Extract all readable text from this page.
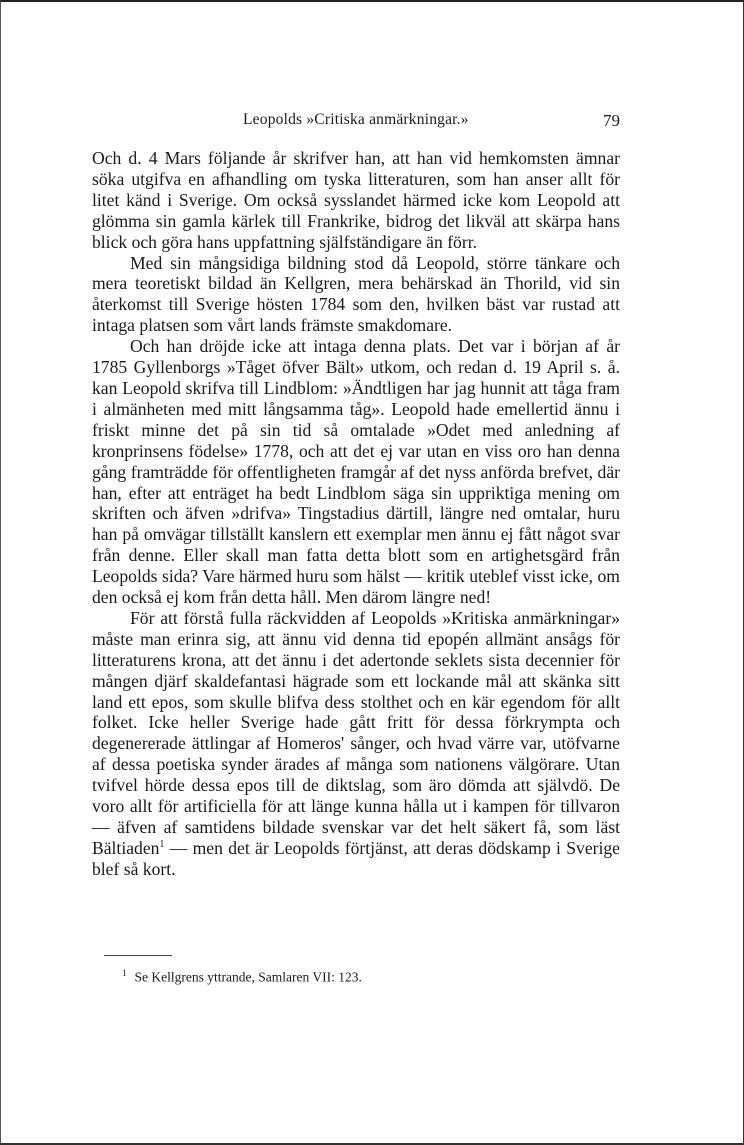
Leopolds »Critiska anmärkningar.»	79

Och d. 4 Mars följande år skrifver han, att han vid hemkomsten ämnar söka utgifva en afhandling om tyska litteraturen, som han anser allt för litet känd i Sverige. Om också sysslandet härmed icke kom Leopold att glömma sin gamla kärlek till Frankrike, bidrog det likväl att skärpa hans blick och göra hans uppfattning själfständigare än förr.

Med sin mångsidiga bildning stod då Leopold, större tänkare och mera teoretiskt bildad än Kellgren, mera behärskad än Thorild, vid sin återkomst till Sverige hösten 1784 som den, hvilken bäst var rustad att intaga platsen som vårt lands främste smakdomare.

Och han dröjde icke att intaga denna plats. Det var i början af år 1785 Gyllenborgs »Tåget öfver Bält» utkom, och redan d. 19 April s. å. kan Leopold skrifva till Lindblom: »Ändtligen har jag hunnit att tåga fram i almänheten med mitt långsamma tåg». Leopold hade emellertid ännu i friskt minne det på sin tid så omtalade »Odet med anledning af kronprinsens födelse» 1778, och att det ej var utan en viss oro han denna gång framträdde för offentligheten framgår af det nyss anförda brefvet, där han, efter att enträget ha bedt Lindblom säga sin uppriktiga mening om skriften och äfven »drifva» Tingstadius därtill, längre ned omtalar, huru han på omvägar tillställt kanslern ett exemplar men ännu ej fått något svar från denne. Eller skall man fatta detta blott som en artighetsgärd från Leopolds sida? Vare härmed huru som hälst — kritik uteblef visst icke, om den också ej kom från detta håll. Men därom längre ned!

För att förstå fulla räckvidden af Leopolds »Kritiska anmärkningar» måste man erinra sig, att ännu vid denna tid epopén allmänt ansågs för litteraturens krona, att det ännu i det adertonde seklets sista decennier för mången djärf skaldefantasi hägrade som ett lockande mål att skänka sitt land ett epos, som skulle blifva dess stolthet och en kär egendom för allt folket. Icke heller Sverige hade gått fritt för dessa förkrympta och degenererade ättlingar af Homeros' sånger, och hvad värre var, utöfvarne af dessa poetiska synder ärades af många som nationens välgörare. Utan tvifvel hörde dessa epos till de diktslag, som äro dömda att självdö. De voro allt för artificiella för att länge kunna hålla ut i kampen för tillvaron — äfven af samtidens bildade svenskar var det helt säkert få, som läst Bältiaden$^1$ — men det är Leopolds förtjänst, att deras dödskamp i Sverige blef så kort.

$^1$ Se Kellgrens yttrande, Samlaren VII: 123.
